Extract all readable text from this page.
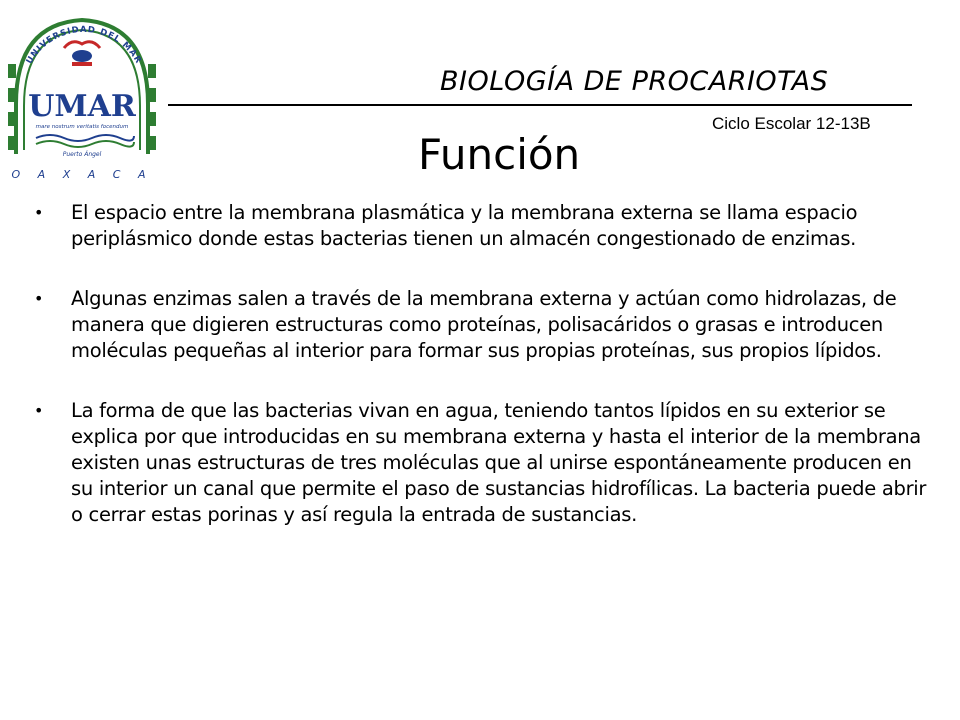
UNIVERSIDAD DEL MAR
UMAR
mare nostrum veritatis focendum
Puerto Ángel
O A X A C A
BIOLOGÍA DE PROCARIOTAS
Ciclo Escolar 12-13B
Función
• El espacio entre la membrana plasmática y la membrana externa se llama espacio periplásmico donde estas bacterias tienen un almacén congestionado de enzimas.
• Algunas enzimas salen a través de la membrana externa y actúan como hidrolazas, de manera que digieren estructuras como proteínas, polisacáridos o grasas e introducen moléculas pequeñas al interior para formar sus propias proteínas, sus propios lípidos.
• La forma de que las bacterias vivan en agua, teniendo tantos lípidos en su exterior se explica por que introducidas en su membrana externa y hasta el interior de la membrana existen unas estructuras de tres moléculas que al unirse espontáneamente producen en su interior un canal que permite el paso de sustancias hidrofílicas. La bacteria puede abrir o cerrar estas porinas y así regula la entrada de sustancias.
